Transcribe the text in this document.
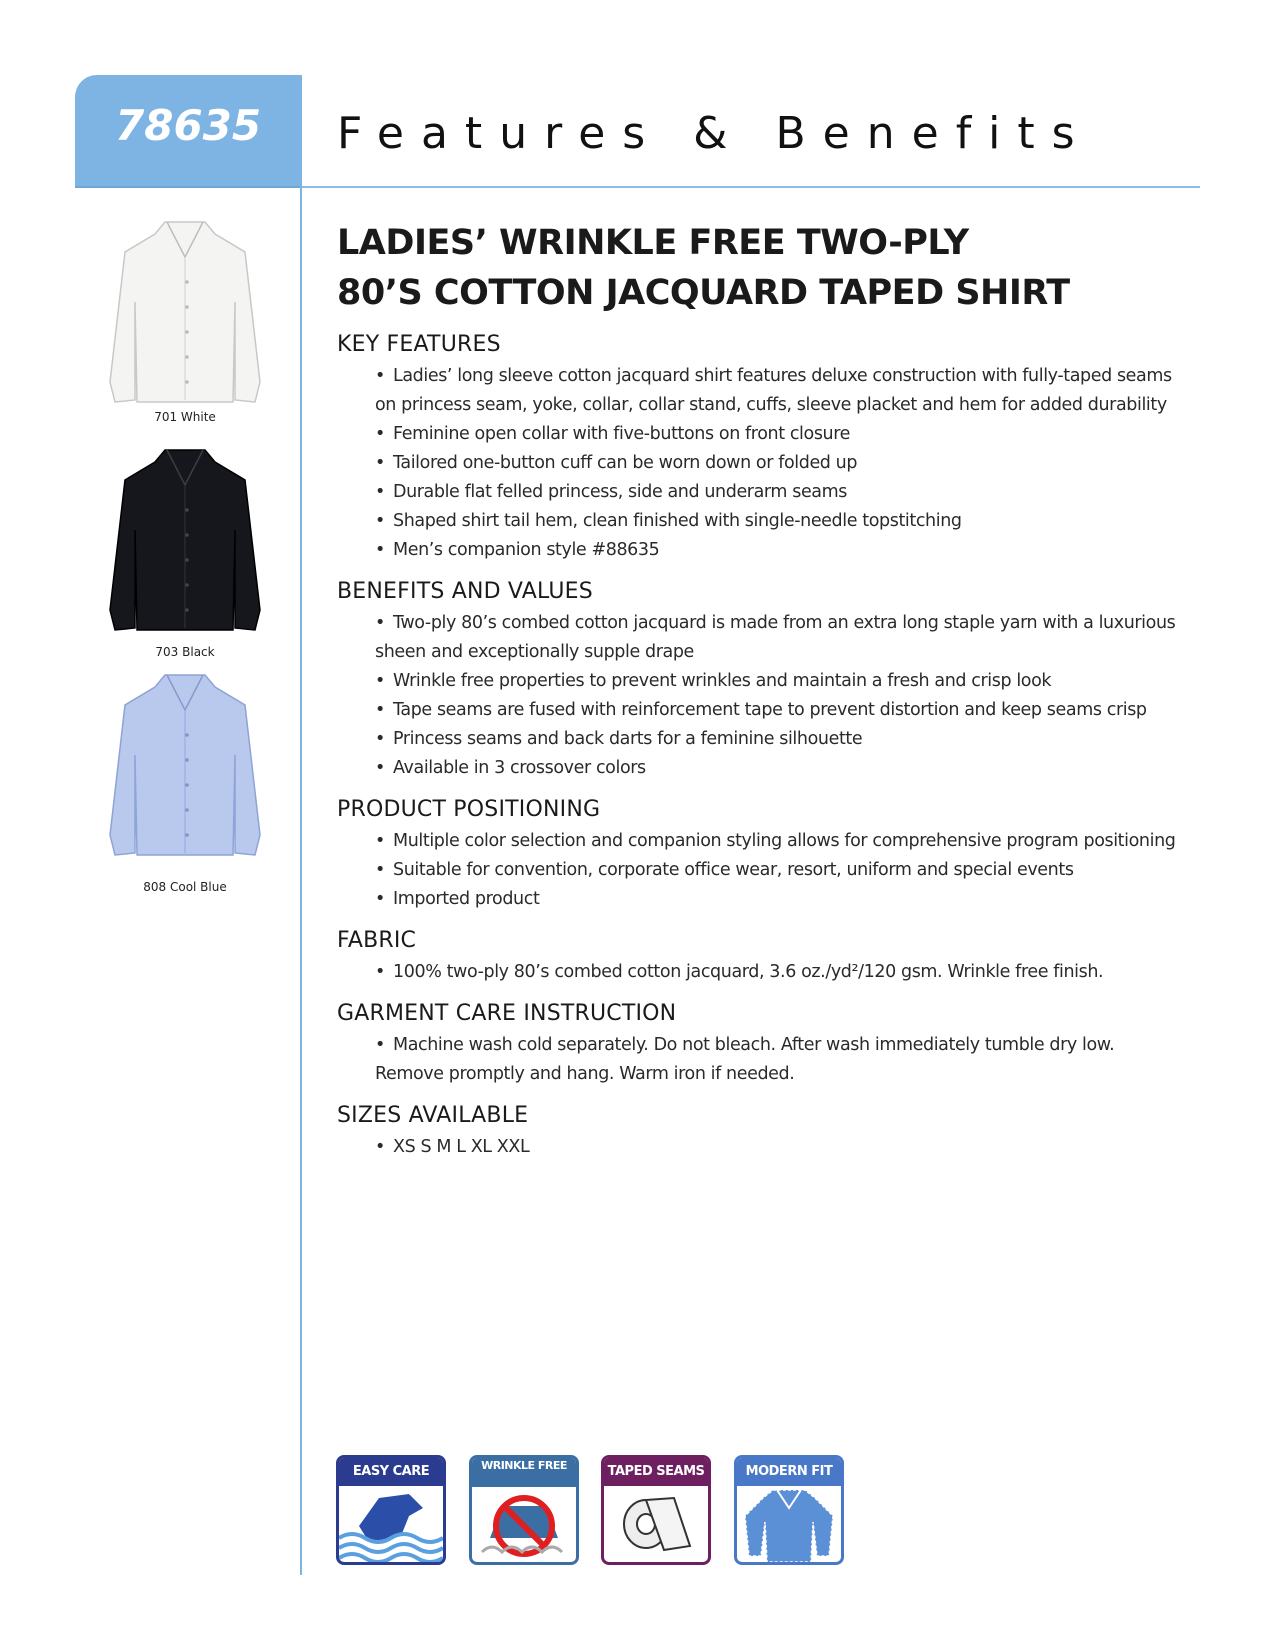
78635 Features & Benefits
701 White
703 Black
808 Cool Blue
LADIES’ WRINKLE FREE TWO-PLY
80’S COTTON JACQUARD TAPED SHIRT
KEY FEATURES
• Ladies’ long sleeve cotton jacquard shirt features deluxe construction with fully-taped seams on princess seam, yoke, collar, collar stand, cuffs, sleeve placket and hem for added durability
• Feminine open collar with five-buttons on front closure
• Tailored one-button cuff can be worn down or folded up
• Durable flat felled princess, side and underarm seams
• Shaped shirt tail hem, clean finished with single-needle topstitching
• Men’s companion style #88635
BENEFITS AND VALUES
• Two-ply 80’s combed cotton jacquard is made from an extra long staple yarn with a luxurious sheen and exceptionally supple drape
• Wrinkle free properties to prevent wrinkles and maintain a fresh and crisp look
• Tape seams are fused with reinforcement tape to prevent distortion and keep seams crisp
• Princess seams and back darts for a feminine silhouette
• Available in 3 crossover colors
PRODUCT POSITIONING
• Multiple color selection and companion styling allows for comprehensive program positioning
• Suitable for convention, corporate office wear, resort, uniform and special events
• Imported product
FABRIC
• 100% two-ply 80’s combed cotton jacquard, 3.6 oz./yd²/120 gsm. Wrinkle free finish.
GARMENT CARE INSTRUCTION
• Machine wash cold separately. Do not bleach. After wash immediately tumble dry low. Remove promptly and hang. Warm iron if needed.
SIZES AVAILABLE
• XS S M L XL XXL
EASY CARE	WRINKLE FREE	TAPED SEAMS	MODERN FIT
